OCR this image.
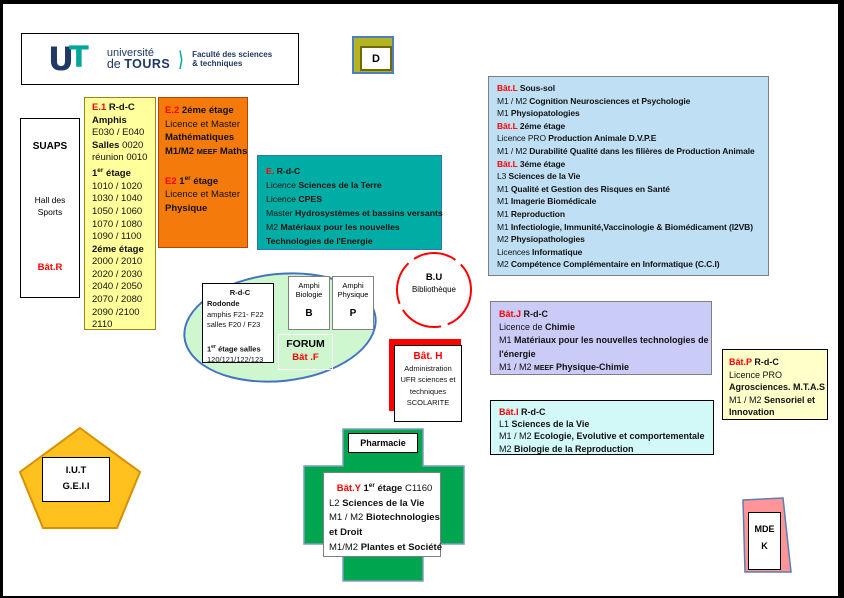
U
T université
de TOURS ⟩ Faculté des sciences
& techniques	D
SUAPS
Hall des
Sports
Bât.R
E.1 R-d-C
Amphis
E030 / E040
Salles 0020
réunion 0010
1er étage
1010 / 1020
1030 / 1040
1050 / 1060
1070 / 1080
1090 / 1100
2éme étage
2000 / 2010
2020 / 2030
2040 / 2050
2070 / 2080
2090 /2100
2110
E.2 2éme étage
Licence et Master
Mathématiques
M1/M2 MEEF Maths

E2 1er étage
Licence et Master
Physique
E. R-d-C
Licence Sciences de la Terre
Licence CPES
Master Hydrosystèmes et bassins versants
M2 Matériaux pour les nouvelles
Technologies de l'Energie
Bât.L Sous-sol
M1 / M2 Cognition Neurosciences et Psychologie
M1 Physiopatologies
Bât.L 2éme étage
Licence PRO Production Animale D.V.P.E
M1 / M2 Durabilité Qualité dans les filières de Production Animale
Bât.L 3éme étage
L3 Sciences de la Vie
M1 Qualité et Gestion des Risques en Santé
M1 Imagerie Biomédicale
M1 Reproduction
M1 Infectiologie, Immunité,Vaccinologie & Biomédicament (I2VB)
M2 Physiopathologies
Licences Informatique
M2 Compétence Complémentaire en Informatique (C.C.I)
R-d-C
Rodonde
amphis F21- F22
salles F20 / F23

1er étage salles
120/121/122/123
Amphi
Biologie
B
Amphi
Physique
P
FORUM
Bât .F
B.U
Bibliothèque
Bât. H
Administration
UFR sciences et
techniques
SCOLARITE
Bât.J R-d-C
Licence de Chimie
M1 Matériaux pour les nouvelles technologies de
l'énergie
M1 / M2 MEEF Physique-Chimie	Bât.P R-d-C
Licence PRO
Agrosciences. M.T.A.S
M1 / M2 Sensoriel et
Innovation
Bât.I R-d-C
L1 Sciences de la Vie
M1 / M2 Ecologie, Evolutive et comportementale
M2 Biologie de la Reproduction
Pharmacie
Bât.Y 1er étage C1160
L2 Sciences de la Vie
M1 / M2 Biotechnologies
et Droit
M1/M2 Plantes et Société
I.U.T
G.E.I.I
MDE
K
